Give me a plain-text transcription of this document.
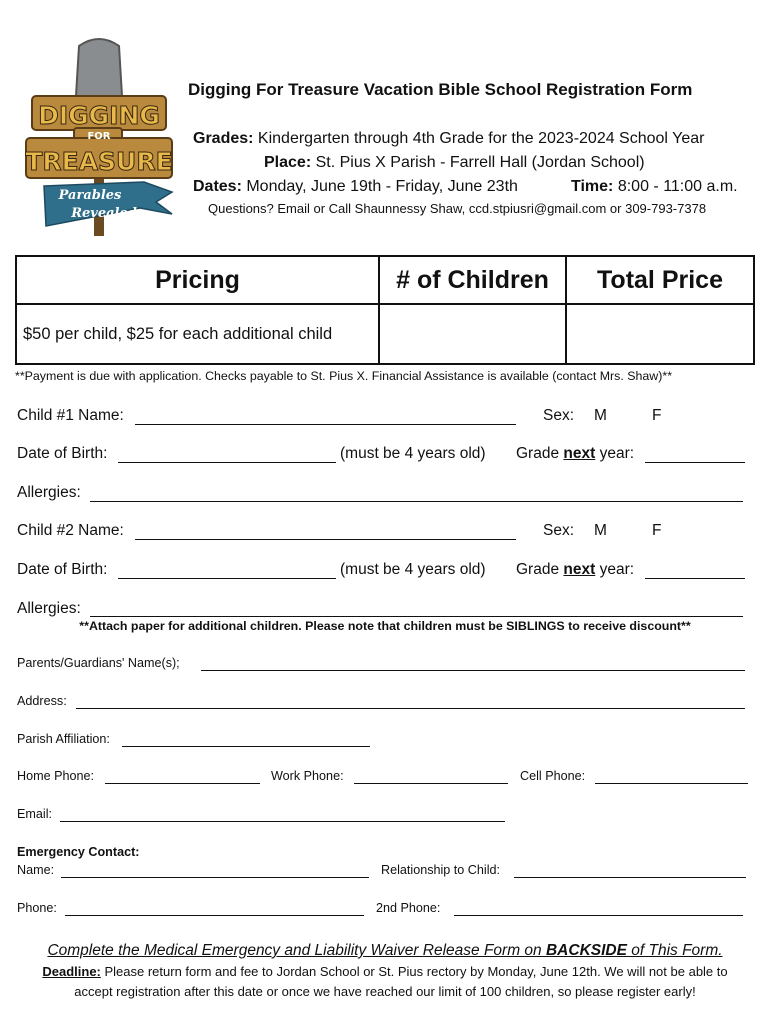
DIGGING
FOR
TREASURE
Parables
Revealed
Digging For Treasure Vacation Bible School Registration Form
Grades: Kindergarten through 4th Grade for the 2023-2024 School Year
Place: St. Pius X Parish - Farrell Hall (Jordan School)
Dates: Monday, June 19th - Friday, June 23th	Time: 8:00 - 11:00 a.m.
Questions? Email or Call Shaunnessy Shaw, ccd.stpiusri@gmail.com or 309-793-7378
Pricing	# of Children	Total Price
$50 per child, $25 for each additional child		
**Payment is due with application. Checks payable to St. Pius X. Financial Assistance is available (contact Mrs. Shaw)**
Child #1 Name:	Sex: M	F
Date of Birth:	(must be 4 years old) Grade next year:
Allergies:
Child #2 Name:	Sex: M	F
Date of Birth:	(must be 4 years old) Grade next year:
Allergies:
**Attach paper for additional children. Please note that children must be SIBLINGS to receive discount**
Parents/Guardians' Name(s);
Address:
Parish Affiliation:
Home Phone:	Work Phone:	Cell Phone:
Email:
Emergency Contact:
Name:	Relationship to Child:
Phone:	2nd Phone:
Complete the Medical Emergency and Liability Waiver Release Form on BACKSIDE of This Form.
Deadline: Please return form and fee to Jordan School or St. Pius rectory by Monday, June 12th. We will not be able to
accept registration after this date or once we have reached our limit of 100 children, so please register early!
